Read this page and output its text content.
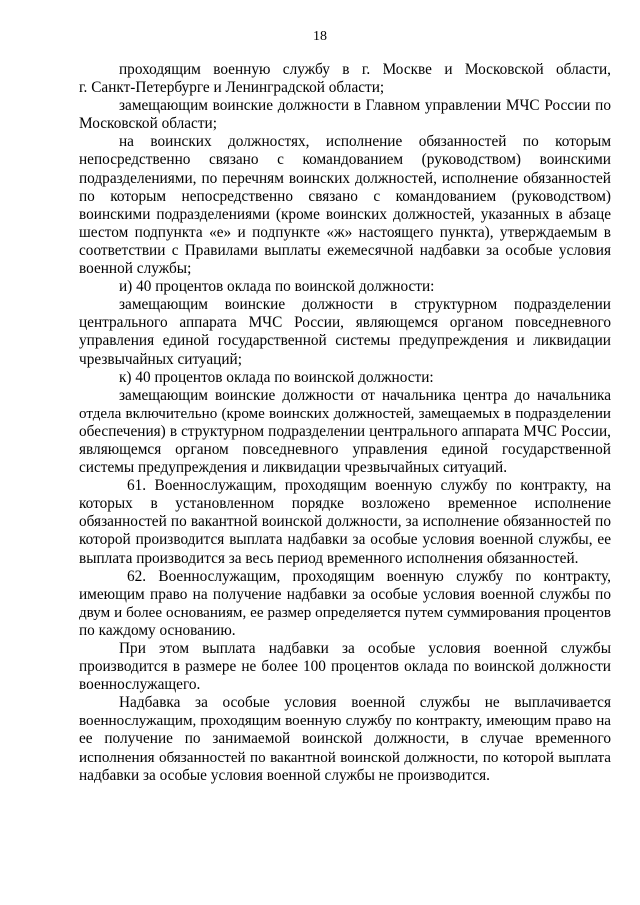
18
проходящим военную службу в г. Москве и Московской области,
г. Санкт-Петербурге и Ленинградской области;
замещающим воинские должности в Главном управлении МЧС России по
Московской области;
на воинских должностях, исполнение обязанностей по которым
непосредственно связано с командованием (руководством) воинскими
подразделениями, по перечням воинских должностей, исполнение обязанностей
по которым непосредственно связано с командованием (руководством)
воинскими подразделениями (кроме воинских должностей, указанных в абзаце
шестом подпункта «е» и подпункте «ж» настоящего пункта), утверждаемым в
соответствии с Правилами выплаты ежемесячной надбавки за особые условия
военной службы;
и) 40 процентов оклада по воинской должности:
замещающим воинские должности в структурном подразделении
центрального аппарата МЧС России, являющемся органом повседневного
управления единой государственной системы предупреждения и ликвидации
чрезвычайных ситуаций;
к) 40 процентов оклада по воинской должности:
замещающим воинские должности от начальника центра до начальника
отдела включительно (кроме воинских должностей, замещаемых в подразделении
обеспечения) в структурном подразделении центрального аппарата МЧС России,
являющемся органом повседневного управления единой государственной
системы предупреждения и ликвидации чрезвычайных ситуаций.
61. Военнослужащим, проходящим военную службу по контракту, на
которых в установленном порядке возложено временное исполнение
обязанностей по вакантной воинской должности, за исполнение обязанностей по
которой производится выплата надбавки за особые условия военной службы, ее
выплата производится за весь период временного исполнения обязанностей.
62. Военнослужащим, проходящим военную службу по контракту,
имеющим право на получение надбавки за особые условия военной службы по
двум и более основаниям, ее размер определяется путем суммирования процентов
по каждому основанию.
При этом выплата надбавки за особые условия военной службы
производится в размере не более 100 процентов оклада по воинской должности
военнослужащего.
Надбавка за особые условия военной службы не выплачивается
военнослужащим, проходящим военную службу по контракту, имеющим право на
ее получение по занимаемой воинской должности, в случае временного
исполнения обязанностей по вакантной воинской должности, по которой выплата
надбавки за особые условия военной службы не производится.
